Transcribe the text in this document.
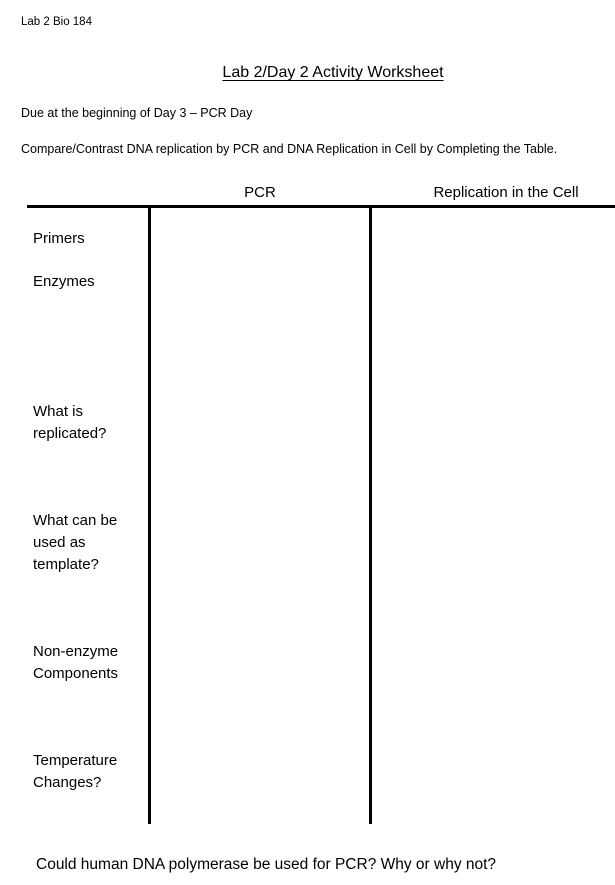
Lab 2 Bio 184
Lab 2/Day 2 Activity Worksheet
Due at the beginning of Day 3 – PCR Day
Compare/Contrast DNA replication by PCR and DNA Replication in Cell by Completing the Table.
PCR	Replication in the Cell
Primers
Enzymes
What is
replicated?
What can be
used as
template?
Non-enzyme
Components
Temperature
Changes?
Could human DNA polymerase be used for PCR? Why or why not?
